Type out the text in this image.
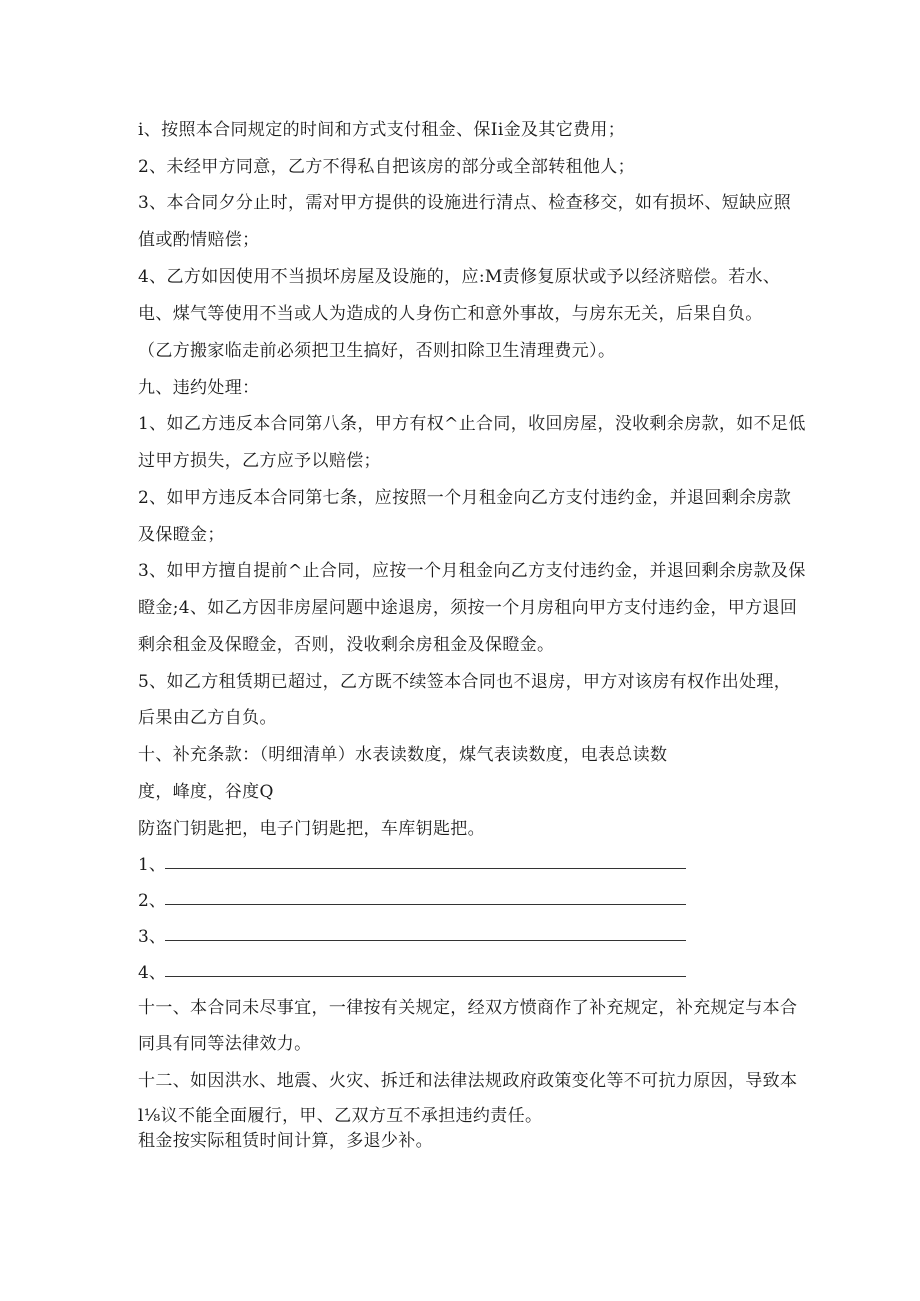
i、按照本合同规定的时间和方式支付租金、保Ii金及其它费用；
2、未经甲方同意，乙方不得私自把该房的部分或全部转租他人；
3、本合同夕分止时，需对甲方提供的设施进行清点、检查移交，如有损坏、短缺应照
值或酌情赔偿；
4、乙方如因使用不当损坏房屋及设施的，应:M责修复原状或予以经济赔偿。若水、
电、煤气等使用不当或人为造成的人身伤亡和意外事故，与房东无关，后果自负。
（乙方搬家临走前必须把卫生搞好，否则扣除卫生清理费元）。
九、违约处理：
1、如乙方违反本合同第八条，甲方有权^止合同，收回房屋，没收剩余房款，如不足低
过甲方损失，乙方应予以赔偿；
2、如甲方违反本合同第七条，应按照一个月租金向乙方支付违约金，并退回剩余房款
及保瞪金；
3、如甲方擅自提前^止合同，应按一个月租金向乙方支付违约金，并退回剩余房款及保
瞪金;4、如乙方因非房屋问题中途退房，须按一个月房租向甲方支付违约金，甲方退回
剩余租金及保瞪金，否则，没收剩余房租金及保瞪金。
5、如乙方租赁期已超过，乙方既不续签本合同也不退房，甲方对该房有权作出处理，
后果由乙方自负。
十、补充条款：（明细清单）水表读数度，煤气表读数度，电表总读数
度，峰度，谷度Q
防盗门钥匙把，电子门钥匙把，车库钥匙把。
1、
2、
3、
4、
十一、本合同未尽事宜，一律按有关规定，经双方愤商作了补充规定，补充规定与本合
同具有同等法律效力。
十二、如因洪水、地震、火灾、拆迁和法律法规政府政策变化等不可抗力原因，导致本
l⅛议不能全面履行，甲、乙双方互不承担违约责任。
租金按实际租赁时间计算，多退少补。
